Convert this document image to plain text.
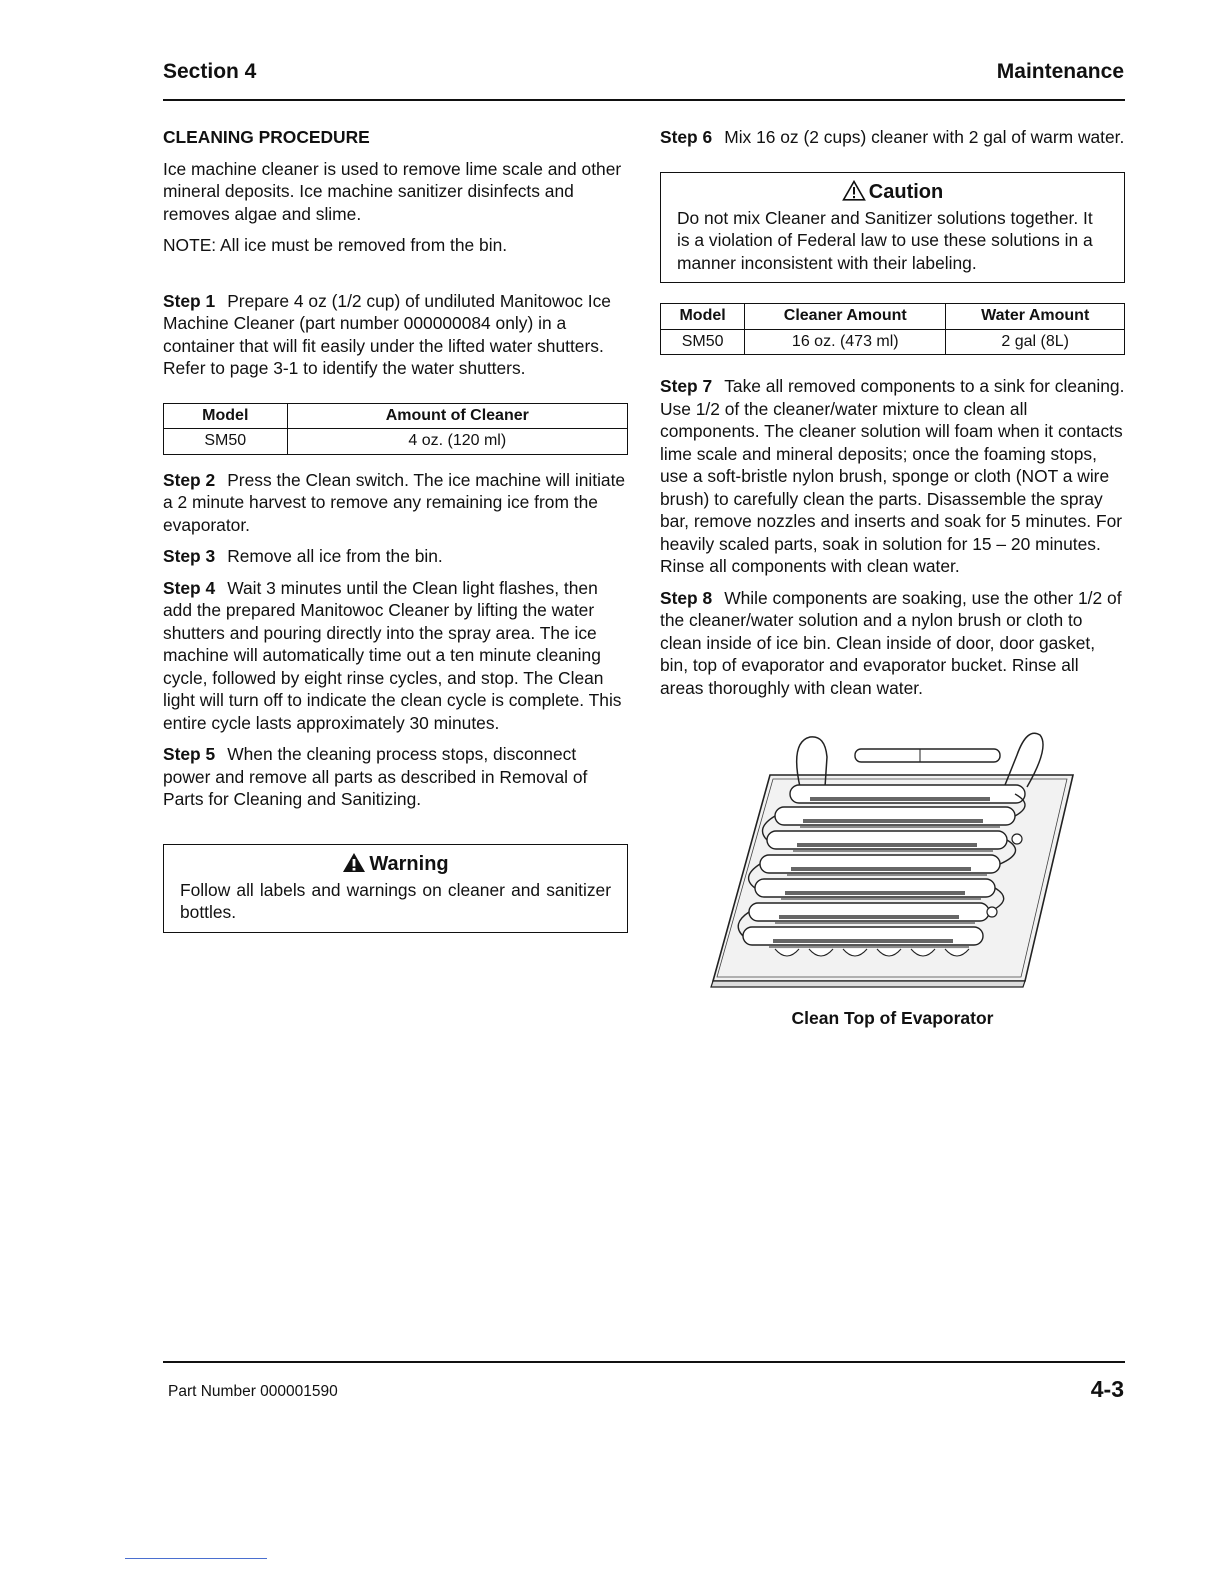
Section 4	Maintenance
CLEANING PROCEDURE

Ice machine cleaner is used to remove lime scale and other mineral deposits. Ice machine sanitizer disinfects and removes algae and slime.

NOTE: All ice must be removed from the bin.

Step 1 Prepare 4 oz (1/2 cup) of undiluted Manitowoc Ice Machine Cleaner (part number 000000084 only) in a container that will fit easily under the lifted water shutters. Refer to page 3-1 to identify the water shutters.

Model	Amount of Cleaner
SM50	4 oz. (120 ml)

Step 2 Press the Clean switch. The ice machine will initiate a 2 minute harvest to remove any remaining ice from the evaporator.

Step 3 Remove all ice from the bin.

Step 4 Wait 3 minutes until the Clean light flashes, then add the prepared Manitowoc Cleaner by lifting the water shutters and pouring directly into the spray area. The ice machine will automatically time out a ten minute cleaning cycle, followed by eight rinse cycles, and stop. The Clean light will turn off to indicate the clean cycle is complete. This entire cycle lasts approximately 30 minutes.

Step 5 When the cleaning process stops, disconnect power and remove all parts as described in Removal of Parts for Cleaning and Sanitizing.

Warning
Follow all labels and warnings on cleaner and sanitizer bottles.

Step 6 Mix 16 oz (2 cups) cleaner with 2 gal of warm water.

Caution
Do not mix Cleaner and Sanitizer solutions together. It is a violation of Federal law to use these solutions in a manner inconsistent with their labeling.
Model	Cleaner Amount	Water Amount
SM50	16 oz. (473 ml)	2 gal (8L)

Step 7 Take all removed components to a sink for cleaning. Use 1/2 of the cleaner/water mixture to clean all components. The cleaner solution will foam when it contacts lime scale and mineral deposits; once the foaming stops, use a soft-bristle nylon brush, sponge or cloth (NOT a wire brush) to carefully clean the parts. Disassemble the spray bar, remove nozzles and inserts and soak for 5 minutes. For heavily scaled parts, soak in solution for 15 – 20 minutes. Rinse all components with clean water.

Step 8 While components are soaking, use the other 1/2 of the cleaner/water solution and a nylon brush or cloth to clean inside of ice bin. Clean inside of door, door gasket, bin, top of evaporator and evaporator bucket. Rinse all areas thoroughly with clean water.

Clean Top of Evaporator
Part Number 000001590	4-3
